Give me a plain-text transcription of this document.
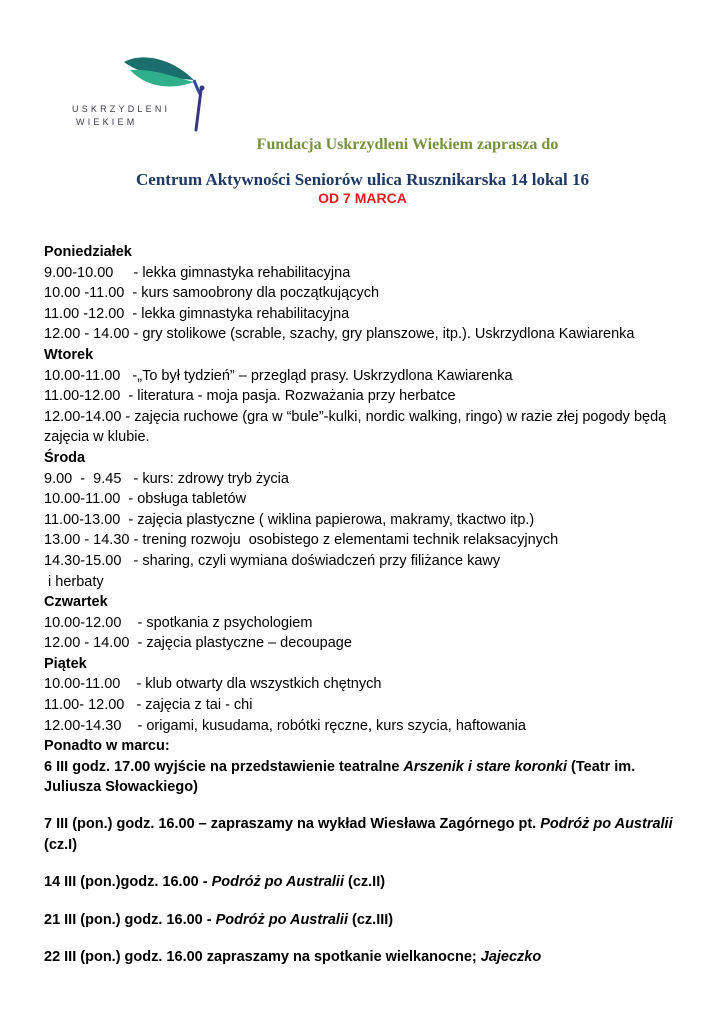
USKRZYDLENI
WIEKIEM
Fundacja Uskrzydleni Wiekiem zaprasza do
Centrum Aktywności Seniorów ulica Rusznikarska 14 lokal 16
OD 7 MARCA
Poniedziałek
9.00-10.00     - lekka gimnastyka rehabilitacyjna
10.00 -11.00  - kurs samoobrony dla początkujących
11.00 -12.00  - lekka gimnastyka rehabilitacyjna
12.00 - 14.00 - gry stolikowe (scrable, szachy, gry planszowe, itp.). Uskrzydlona Kawiarenka
Wtorek
10.00-11.00   -„To był tydzień” – przegląd prasy. Uskrzydlona Kawiarenka
11.00-12.00  - literatura - moja pasja. Rozważania przy herbatce
12.00-14.00 - zajęcia ruchowe (gra w “bule”-kulki, nordic walking, ringo) w razie złej pogody będą zajęcia w klubie.
Środa
9.00  -  9.45   - kurs: zdrowy tryb życia
10.00-11.00  - obsługa tabletów
11.00-13.00  - zajęcia plastyczne ( wiklina papierowa, makramy, tkactwo itp.)
13.00 - 14.30 - trening rozwoju  osobistego z elementami technik relaksacyjnych
14.30-15.00   - sharing, czyli wymiana doświadczeń przy filiżance kawy
i herbaty
Czwartek
10.00-12.00    - spotkania z psychologiem
12.00 - 14.00  - zajęcia plastyczne – decoupage
Piątek
10.00-11.00    - klub otwarty dla wszystkich chętnych
11.00- 12.00   - zajęcia z tai - chi
12.00-14.30    - origami, kusudama, robótki ręczne, kurs szycia, haftowania
Ponadto w marcu:
6 III godz. 17.00 wyjście na przedstawienie teatralne Arszenik i stare koronki (Teatr im. Juliusza Słowackiego)
7 III (pon.) godz. 16.00 – zapraszamy na wykład Wiesława Zagórnego pt. Podróż po Australii (cz.I)
14 III (pon.)godz. 16.00 - Podróż po Australii (cz.II)
21 III (pon.) godz. 16.00 - Podróż po Australii (cz.III)
22 III (pon.) godz. 16.00 zapraszamy na spotkanie wielkanocne; Jajeczko
